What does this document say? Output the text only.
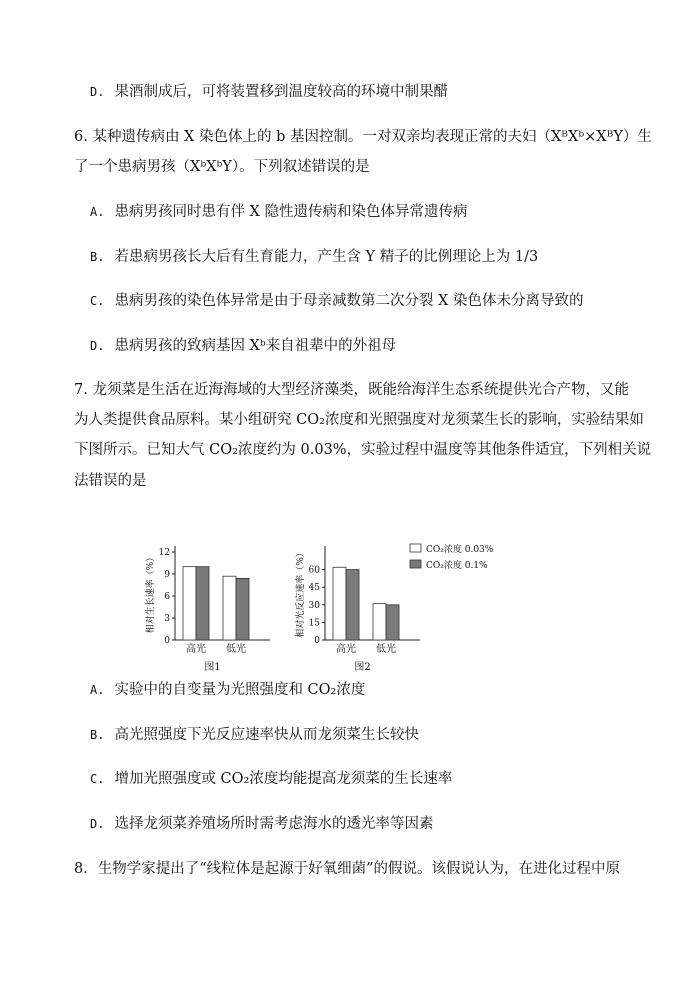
D. 果酒制成后，可将装置移到温度较高的环境中制果醋
6. 某种遗传病由 X 染色体上的 b 基因控制。一对双亲均表现正常的夫妇（XᴮXᵇ×XᴮY）生
了一个患病男孩（XᵇXᵇY）。下列叙述错误的是
A. 患病男孩同时患有伴 X 隐性遗传病和染色体异常遗传病
B. 若患病男孩长大后有生育能力，产生含 Y 精子的比例理论上为 1/3
C. 患病男孩的染色体异常是由于母亲减数第二次分裂 X 染色体未分离导致的
D. 患病男孩的致病基因 Xᵇ来自祖辈中的外祖母
7. 龙须菜是生活在近海海域的大型经济藻类，既能给海洋生态系统提供光合产物，又能
为人类提供食品原料。某小组研究 CO₂浓度和光照强度对龙须菜生长的影响，实验结果如
下图所示。已知大气 CO₂浓度约为 0.03%，实验过程中温度等其他条件适宜，下列相关说
法错误的是
0
3
6
9
12
相对生长速率（%）
高光 低光
图1
0
15
30
45
60
相对光反应速率（%）
高光 低光
图2
CO₂浓度 0.03%
CO₂浓度 0.1%
A. 实验中的自变量为光照强度和 CO₂浓度
B. 高光照强度下光反应速率快从而龙须菜生长较快
C. 增加光照强度或 CO₂浓度均能提高龙须菜的生长速率
D. 选择龙须菜养殖场所时需考虑海水的透光率等因素
8．生物学家提出了“线粒体是起源于好氧细菌”的假说。该假说认为，在进化过程中原
